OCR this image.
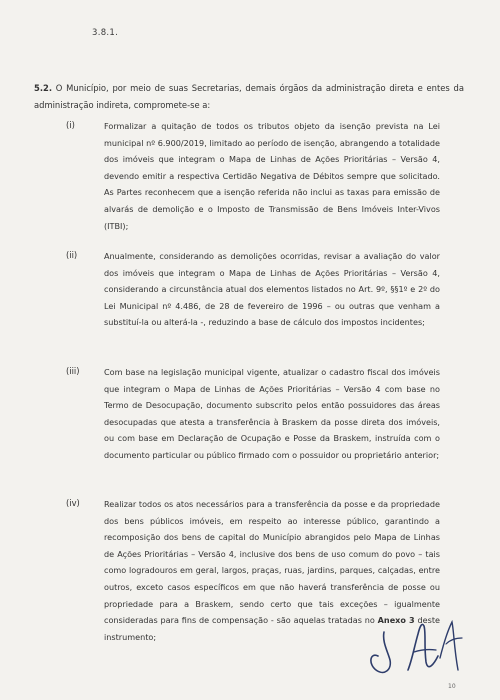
3.8.1.
5.2. O Município, por meio de suas Secretarias, demais órgãos da administração direta e entes da administração indireta, compromete-se a:
(i)	Formalizar a quitação de todos os tributos objeto da isenção prevista na Lei municipal nº 6.900/2019, limitado ao período de isenção, abrangendo a totalidade dos imóveis que integram o Mapa de Linhas de Ações Prioritárias – Versão 4, devendo emitir a respectiva Certidão Negativa de Débitos sempre que solicitado. As Partes reconhecem que a isenção referida não inclui as taxas para emissão de alvarás de demolição e o Imposto de Transmissão de Bens Imóveis Inter-Vivos (ITBI);
(ii)	Anualmente, considerando as demolições ocorridas, revisar a avaliação do valor dos imóveis que integram o Mapa de Linhas de Ações Prioritárias – Versão 4, considerando a circunstância atual dos elementos listados no Art. 9º, §§1º e 2º do Lei Municipal nº 4.486, de 28 de fevereiro de 1996 – ou outras que venham a substituí-la ou alterá-la -, reduzindo a base de cálculo dos impostos incidentes;
(iii)	Com base na legislação municipal vigente, atualizar o cadastro fiscal dos imóveis que integram o Mapa de Linhas de Ações Prioritárias – Versão 4 com base no Termo de Desocupação, documento subscrito pelos então possuidores das áreas desocupadas que atesta a transferência à Braskem da posse direta dos imóveis, ou com base em Declaração de Ocupação e Posse da Braskem, instruída com o documento particular ou público firmado com o possuidor ou proprietário anterior;
(iv)	Realizar todos os atos necessários para a transferência da posse e da propriedade dos bens públicos imóveis, em respeito ao interesse público, garantindo a recomposição dos bens de capital do Município abrangidos pelo Mapa de Linhas de Ações Prioritárias – Versão 4, inclusive dos bens de uso comum do povo – tais como logradouros em geral, largos, praças, ruas, jardins, parques, calçadas, entre outros, exceto casos específicos em que não haverá transferência de posse ou propriedade para a Braskem, sendo certo que tais exceções – igualmente consideradas para fins de compensação - são aquelas tratadas no Anexo 3 deste instrumento;
10
